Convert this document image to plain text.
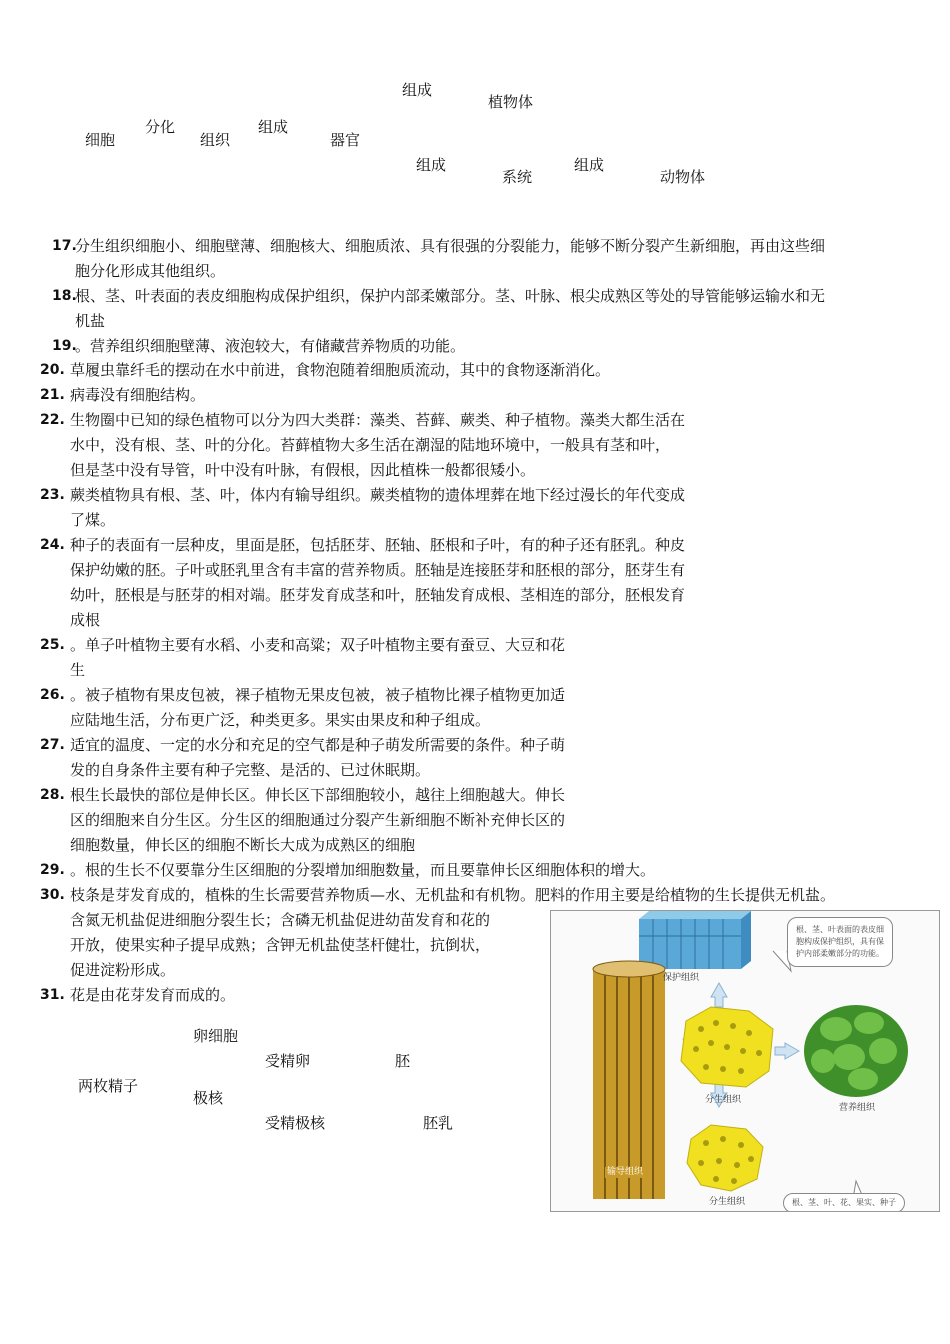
细胞
分化
组织
组成
器官
组成
植物体
组成
系统
组成
动物体
17.
分生组织细胞小、细胞壁薄、细胞核大、细胞质浓、具有很强的分裂能力，能够不断分裂产生新细胞，再由这些细
胞分化形成其他组织。
18.
根、茎、叶表面的表皮细胞构成保护组织，保护内部柔嫩部分。茎、叶脉、根尖成熟区等处的导管能够运输水和无
机盐
19.
。营养组织细胞壁薄、液泡较大，有储藏营养物质的功能。
20. 草履虫靠纤毛的摆动在水中前进，食物泡随着细胞质流动，其中的食物逐渐消化。
21. 病毒没有细胞结构。
22. 生物圈中已知的绿色植物可以分为四大类群：藻类、苔藓、蕨类、种子植物。藻类大都生活在
水中，没有根、茎、叶的分化。苔藓植物大多生活在潮湿的陆地环境中，一般具有茎和叶，
但是茎中没有导管，叶中没有叶脉，有假根，因此植株一般都很矮小。
23. 蕨类植物具有根、茎、叶，体内有输导组织。蕨类植物的遗体埋葬在地下经过漫长的年代变成
了煤。
24. 种子的表面有一层种皮，里面是胚，包括胚芽、胚轴、胚根和子叶，有的种子还有胚乳。种皮
保护幼嫩的胚。子叶或胚乳里含有丰富的营养物质。胚轴是连接胚芽和胚根的部分，胚芽生有
幼叶，胚根是与胚芽的相对端。胚芽发育成茎和叶，胚轴发育成根、茎相连的部分，胚根发育
成根
25. 。单子叶植物主要有水稻、小麦和高粱；双子叶植物主要有蚕豆、大豆和花
生
26. 。被子植物有果皮包被，裸子植物无果皮包被，被子植物比裸子植物更加适
应陆地生活，分布更广泛，种类更多。果实由果皮和种子组成。
27. 适宜的温度、一定的水分和充足的空气都是种子萌发所需要的条件。种子萌
发的自身条件主要有种子完整、是活的、已过休眠期。
28. 根生长最快的部位是伸长区。伸长区下部细胞较小，越往上细胞越大。伸长
区的细胞来自分生区。分生区的细胞通过分裂产生新细胞不断补充伸长区的
细胞数量，伸长区的细胞不断长大成为成熟区的细胞
29. 。根的生长不仅要靠分生区细胞的分裂增加细胞数量，而且要靠伸长区细胞体积的增大。
30. 枝条是芽发育成的，植株的生长需要营养物质—水、无机盐和有机物。肥料的作用主要是给植物的生长提供无机盐。
含氮无机盐促进细胞分裂生长；含磷无机盐促进幼苗发育和花的
开放，使果实种子提早成熟；含钾无机盐使茎杆健壮，抗倒状，
促进淀粉形成。
31. 花是由花芽发育而成的。
卵细胞
受精卵	胚
两枚精子
极核
受精极核	胚乳
保护组织
分生组织
分生组织
输导组织
营养组织
根、茎、叶表面的表皮细
胞构成保护组织，具有保
护内部柔嫩部分的功能。
根、茎、叶、花、果实、种子
